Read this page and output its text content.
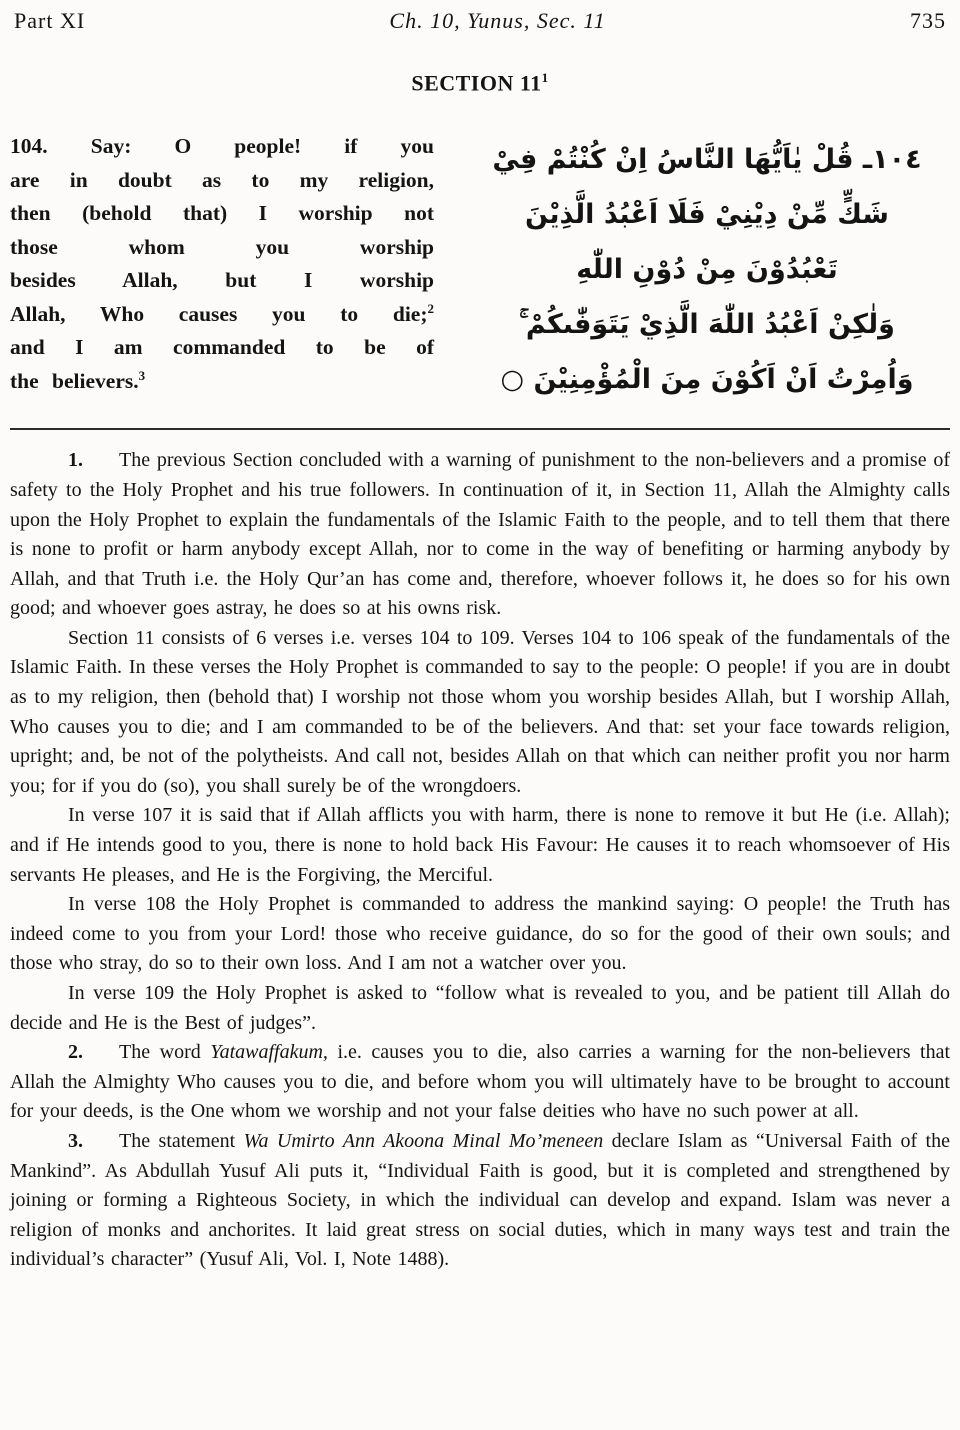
Part XI	Ch. 10, Yunus, Sec. 11	735
SECTION $11^1$
104. Say: O people! if you
are in doubt as to my religion,
then (behold that) I worship not
those whom you worship
besides Allah, but I worship
Allah, Who causes you to die;$^2$
and I am commanded to be of
the believers.$^3$
١٠٤ـ قُلْ يٰاَيُّهَا النَّاسُ اِنْ كُنْتُمْ فِيْ
شَكٍّ مِّنْ دِيْنِيْ فَلَا اَعْبُدُ الَّذِيْنَ
تَعْبُدُوْنَ مِنْ دُوْنِ اللّٰهِ
وَلٰكِنْ اَعْبُدُ اللّٰهَ الَّذِيْ يَتَوَفّٰىكُمْ ۚ
وَاُمِرْتُ اَنْ اَكُوْنَ مِنَ الْمُؤْمِنِيْنَ ○

1. The previous Section concluded with a warning of punishment to the non-believers and a promise of safety to the Holy Prophet and his true followers. In continuation of it, in Section 11, Allah the Almighty calls upon the Holy Prophet to explain the fundamentals of the Islamic Faith to the people, and to tell them that there is none to profit or harm anybody except Allah, nor to come in the way of benefiting or harming anybody by Allah, and that Truth i.e. the Holy Qur’an has come and, therefore, whoever follows it, he does so for his own good; and whoever goes astray, he does so at his owns risk.

Section 11 consists of 6 verses i.e. verses 104 to 109. Verses 104 to 106 speak of the fundamentals of the Islamic Faith. In these verses the Holy Prophet is commanded to say to the people: O people! if you are in doubt as to my religion, then (behold that) I worship not those whom you worship besides Allah, but I worship Allah, Who causes you to die; and I am commanded to be of the believers. And that: set your face towards religion, upright; and, be not of the polytheists. And call not, besides Allah on that which can neither profit you nor harm you; for if you do (so), you shall surely be of the wrongdoers.

In verse 107 it is said that if Allah afflicts you with harm, there is none to remove it but He (i.e. Allah); and if He intends good to you, there is none to hold back His Favour: He causes it to reach whomsoever of His servants He pleases, and He is the Forgiving, the Merciful.

In verse 108 the Holy Prophet is commanded to address the mankind saying: O people! the Truth has indeed come to you from your Lord! those who receive guidance, do so for the good of their own souls; and those who stray, do so to their own loss. And I am not a watcher over you.

In verse 109 the Holy Prophet is asked to “follow what is revealed to you, and be patient till Allah do decide and He is the Best of judges”.

2. The word Yatawaffakum, i.e. causes you to die, also carries a warning for the non-believers that Allah the Almighty Who causes you to die, and before whom you will ultimately have to be brought to account for your deeds, is the One whom we worship and not your false deities who have no such power at all.

3. The statement Wa Umirto Ann Akoona Minal Mo’meneen declare Islam as “Universal Faith of the Mankind”. As Abdullah Yusuf Ali puts it, “Individual Faith is good, but it is completed and strengthened by joining or forming a Righteous Society, in which the individual can develop and expand. Islam was never a religion of monks and anchorites. It laid great stress on social duties, which in many ways test and train the individual’s character” (Yusuf Ali, Vol. I, Note 1488).
